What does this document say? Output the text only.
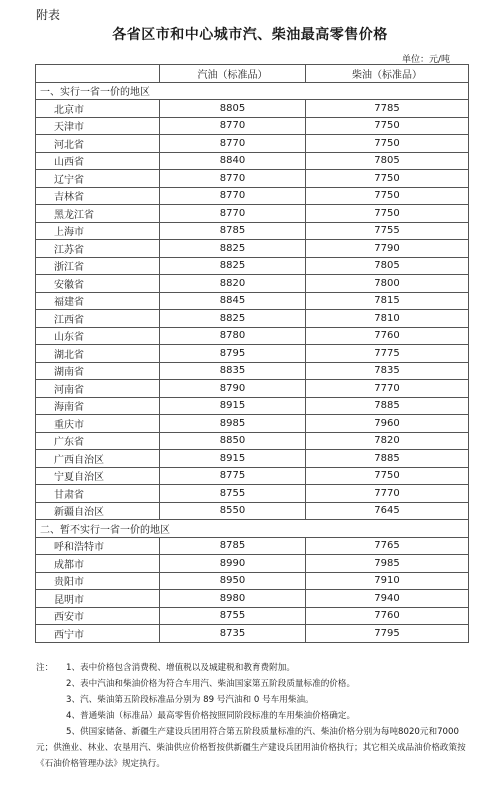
附表
各省区市和中心城市汽、柴油最高零售价格
单位：元/吨
	汽油（标准品）	柴油（标准品）
一、实行一省一价的地区		
北京市	8805	7785
天津市	8770	7750
河北省	8770	7750
山西省	8840	7805
辽宁省	8770	7750
吉林省	8770	7750
黑龙江省	8770	7750
上海市	8785	7755
江苏省	8825	7790
浙江省	8825	7805
安徽省	8820	7800
福建省	8845	7815
江西省	8825	7810
山东省	8780	7760
湖北省	8795	7775
湖南省	8835	7835
河南省	8790	7770
海南省	8915	7885
重庆市	8985	7960
广东省	8850	7820
广西自治区	8915	7885
宁夏自治区	8775	7750
甘肃省	8755	7770
新疆自治区	8550	7645
二、暂不实行一省一价的地区		
呼和浩特市	8785	7765
成都市	8990	7985
贵阳市	8950	7910
昆明市	8980	7940
西安市	8755	7760
西宁市	8735	7795
注： 1、表中价格包含消费税、增值税以及城建税和教育费附加。
2、表中汽油和柴油价格为符合车用汽、柴油国家第五阶段质量标准的价格。
3、汽、柴油第五阶段标准品分别为 89 号汽油和 0 号车用柴油。
4、普通柴油（标准品）最高零售价格按照同阶段标准的车用柴油价格确定。
5、供国家储备、新疆生产建设兵团用符合第五阶段质量标准的汽、柴油价格分别为每吨8020元和7000元；供渔业、林业、农垦用汽、柴油供应价格暂按供新疆生产建设兵团用油价格执行；其它相关成品油价格政策按《石油价格管理办法》规定执行。
